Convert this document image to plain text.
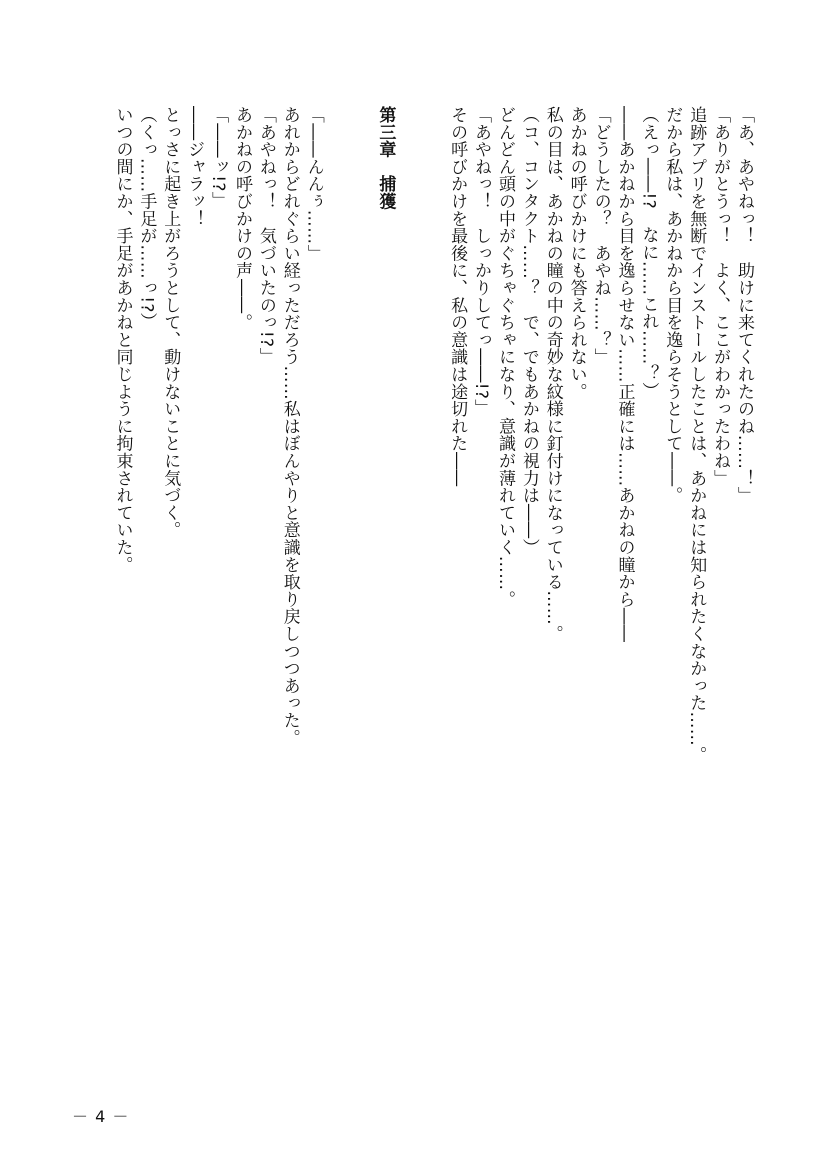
「あ、あやねっ！　助けに来てくれたのね……！」
「ありがとうっ！　よく、ここがわかったわね」
追跡アプリを無断でインストールしたことは、あかねには知られたくなかった……。
だから私は、あかねから目を逸らそうとして――。
（えっ――!?　なに……これ……？）
――あかねから目を逸らせない……正確には……あかねの瞳から――
「どうしたの？　あやね……？」
あかねの呼びかけにも答えられない。
私の目は、あかねの瞳の中の奇妙な紋様に釘付けになっている……。
（コ、コンタクト……？　で、でもあかねの視力は――）
どんどん頭の中がぐちゃぐちゃになり、意識が薄れていく……。
「あやねっ！　しっかりしてっ――!?」
その呼びかけを最後に、私の意識は途切れた――

第三章　捕獲

「――んんぅ……」
あれからどれぐらい経っただろう……私はぼんやりと意識を取り戻しつつあった。
「あやねっ！　気づいたのっ!?」
あかねの呼びかけの声――。
「――ッ!?」
――ジャラッ！
とっさに起き上がろうとして、動けないことに気づく。
（くっ……手足が……っ!?）
いつの間にか、手足があかねと同じように拘束されていた。
－ 4 －
